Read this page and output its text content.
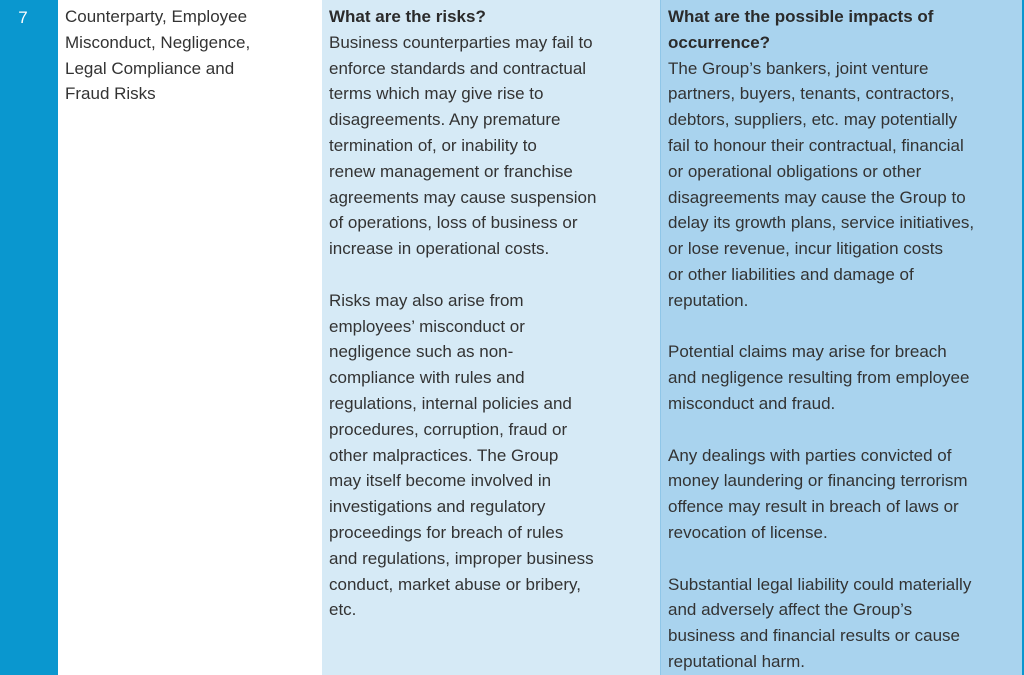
7	Counterparty, Employee
Misconduct, Negligence,
Legal Compliance and
Fraud Risks
What are the risks?
Business counterparties may fail to
enforce standards and contractual
terms which may give rise to
disagreements. Any premature
termination of, or inability to
renew management or franchise
agreements may cause suspension
of operations, loss of business or
increase in operational costs.
Risks may also arise from
employees’ misconduct or
negligence such as non-
compliance with rules and
regulations, internal policies and
procedures, corruption, fraud or
other malpractices. The Group
may itself become involved in
investigations and regulatory
proceedings for breach of rules
and regulations, improper business
conduct, market abuse or bribery,
etc.
What are the possible impacts of
occurrence?
The Group’s bankers, joint venture
partners, buyers, tenants, contractors,
debtors, suppliers, etc. may potentially
fail to honour their contractual, financial
or operational obligations or other
disagreements may cause the Group to
delay its growth plans, service initiatives,
or lose revenue, incur litigation costs
or other liabilities and damage of
reputation.
Potential claims may arise for breach
and negligence resulting from employee
misconduct and fraud.
Any dealings with parties convicted of
money laundering or financing terrorism
offence may result in breach of laws or
revocation of license.
Substantial legal liability could materially
and adversely affect the Group’s
business and financial results or cause
reputational harm.
